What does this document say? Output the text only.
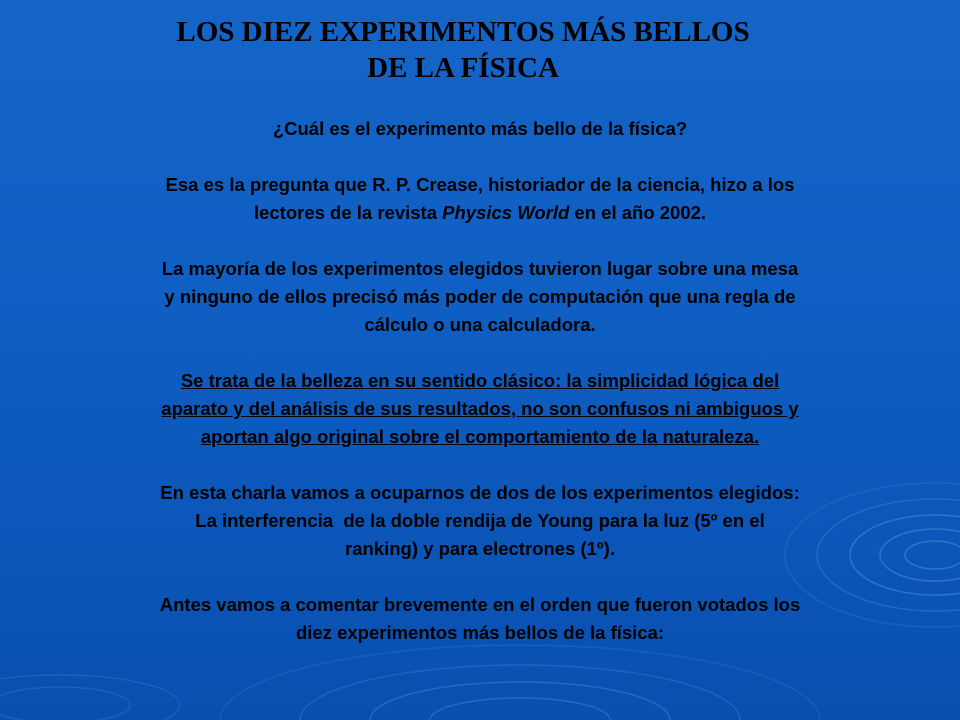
LOS DIEZ EXPERIMENTOS MÁS BELLOS
DE LA FÍSICA

¿Cuál es el experimento más bello de la física?

Esa es la pregunta que R. P. Crease, historiador de la ciencia, hizo a los
lectores de la revista Physics World en el año 2002.

La mayoría de los experimentos elegidos tuvieron lugar sobre una mesa
y ninguno de ellos precisó más poder de computación que una regla de
cálculo o una calculadora.

Se trata de la belleza en su sentido clásico: la simplicidad lógica del
aparato y del análisis de sus resultados, no son confusos ni ambiguos y
aportan algo original sobre el comportamiento de la naturaleza.

En esta charla vamos a ocuparnos de dos de los experimentos elegidos:
La interferencia  de la doble rendija de Young para la luz (5º en el
ranking) y para electrones (1º).

Antes vamos a comentar brevemente en el orden que fueron votados los
diez experimentos más bellos de la física:
